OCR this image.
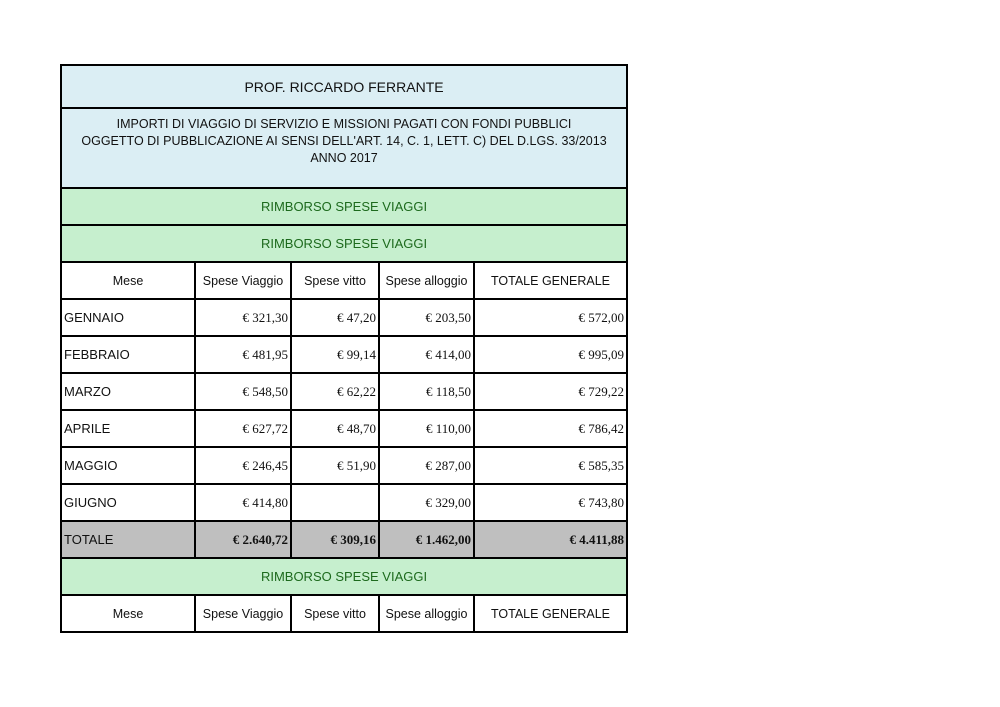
PROF. RICCARDO FERRANTE				

IMPORTI DI VIAGGIO DI SERVIZIO E MISSIONI PAGATI CON FONDI PUBBLICI
OGGETTO DI PUBBLICAZIONE AI SENSI DELL'ART. 14, C. 1, LETT. C) DEL D.LGS. 33/2013
ANNO 2017				

RIMBORSO SPESE VIAGGI				
RIMBORSO SPESE VIAGGI				
Mese	Spese Viaggio	Spese vitto	Spese alloggio	TOTALE GENERALE
GENNAIO	€ 321,30	€ 47,20	€ 203,50	€ 572,00
FEBBRAIO	€ 481,95	€ 99,14	€ 414,00	€ 995,09
MARZO	€ 548,50	€ 62,22	€ 118,50	€ 729,22
APRILE	€ 627,72	€ 48,70	€ 110,00	€ 786,42
MAGGIO	€ 246,45	€ 51,90	€ 287,00	€ 585,35
GIUGNO	€ 414,80		€ 329,00	€ 743,80
TOTALE	€ 2.640,72	€ 309,16	€ 1.462,00	€ 4.411,88
RIMBORSO SPESE VIAGGI				
Mese	Spese Viaggio	Spese vitto	Spese alloggio	TOTALE GENERALE
